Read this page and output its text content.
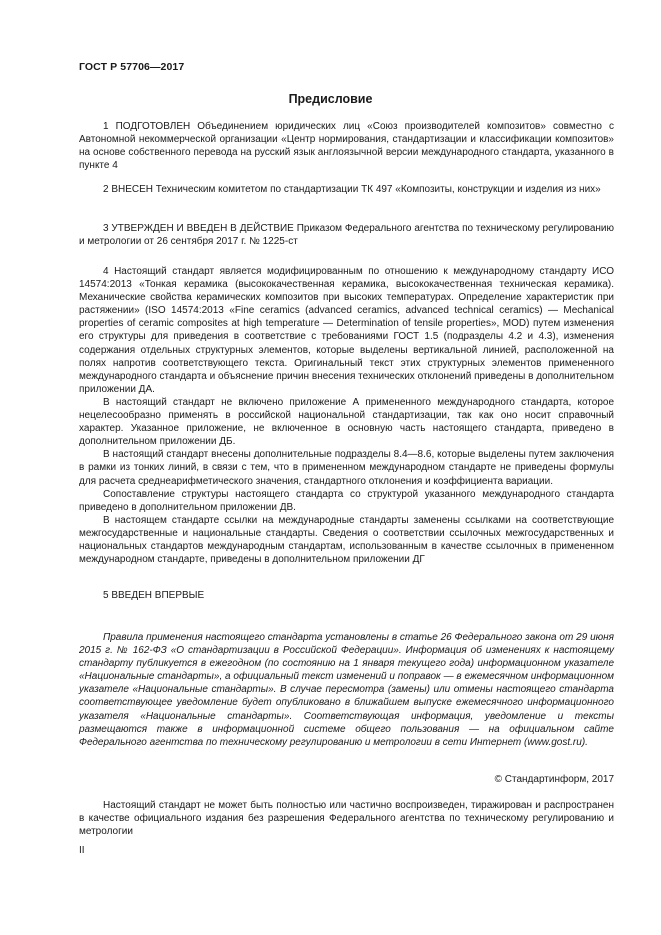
ГОСТ Р 57706—2017
Предисловие

1 ПОДГОТОВЛЕН Объединением юридических лиц «Союз производителей композитов» совместно с Автономной некоммерческой организации «Центр нормирования, стандартизации и классификации композитов» на основе собственного перевода на русский язык англоязычной версии международного стандарта, указанного в пункте 4

2 ВНЕСЕН Техническим комитетом по стандартизации ТК 497 «Композиты, конструкции и изделия из них»

3 УТВЕРЖДЕН И ВВЕДЕН В ДЕЙСТВИЕ Приказом Федерального агентства по техническому регулированию и метрологии от 26 сентября 2017 г. № 1225-ст

4 Настоящий стандарт является модифицированным по отношению к международному стандарту ИСО 14574:2013 «Тонкая керамика (высококачественная керамика, высококачественная техническая керамика). Механические свойства керамических композитов при высоких температурах. Определение характеристик при растяжении» (ISO 14574:2013 «Fine ceramics (advanced ceramics, advanced technical ceramics) — Mechanical properties of ceramic composites at high temperature — Determination of tensile properties», MOD) путем изменения его структуры для приведения в соответствие с требованиями ГОСТ 1.5 (подразделы 4.2 и 4.3), изменения содержания отдельных структурных элементов, которые выделены вертикальной линией, расположенной на полях напротив соответствующего текста. Оригинальный текст этих структурных элементов примененного международного стандарта и объяснение причин внесения технических отклонений приведены в дополнительном приложении ДА.

В настоящий стандарт не включено приложение А примененного международного стандарта, которое нецелесообразно применять в российской национальной стандартизации, так как оно носит справочный характер. Указанное приложение, не включенное в основную часть настоящего стандарта, приведено в дополнительном приложении ДБ.

В настоящий стандарт внесены дополнительные подразделы 8.4—8.6, которые выделены путем заключения в рамки из тонких линий, в связи с тем, что в примененном международном стандарте не приведены формулы для расчета среднеарифметического значения, стандартного отклонения и коэффициента вариации.

Сопоставление структуры настоящего стандарта со структурой указанного международного стандарта приведено в дополнительном приложении ДВ.

В настоящем стандарте ссылки на международные стандарты заменены ссылками на соответствующие межгосударственные и национальные стандарты. Сведения о соответствии ссылочных межгосударственных и национальных стандартов международным стандартам, использованным в качестве ссылочных в примененном международном стандарте, приведены в дополнительном приложении ДГ

5 ВВЕДЕН ВПЕРВЫЕ

Правила применения настоящего стандарта установлены в статье 26 Федерального закона от 29 июня 2015 г. № 162-ФЗ «О стандартизации в Российской Федерации». Информация об изменениях к настоящему стандарту публикуется в ежегодном (по состоянию на 1 января текущего года) информационном указателе «Национальные стандарты», а официальный текст изменений и поправок — в ежемесячном информационном указателе «Национальные стандарты». В случае пересмотра (замены) или отмены настоящего стандарта соответствующее уведомление будет опубликовано в ближайшем выпуске ежемесячного информационного указателя «Национальные стандарты». Соответствующая информация, уведомление и тексты размещаются также в информационной системе общего пользования — на официальном сайте Федерального агентства по техническому регулированию и метрологии в сети Интернет (www.gost.ru).

© Стандартинформ, 2017

Настоящий стандарт не может быть полностью или частично воспроизведен, тиражирован и распространен в качестве официального издания без разрешения Федерального агентства по техническому регулированию и метрологии

II
